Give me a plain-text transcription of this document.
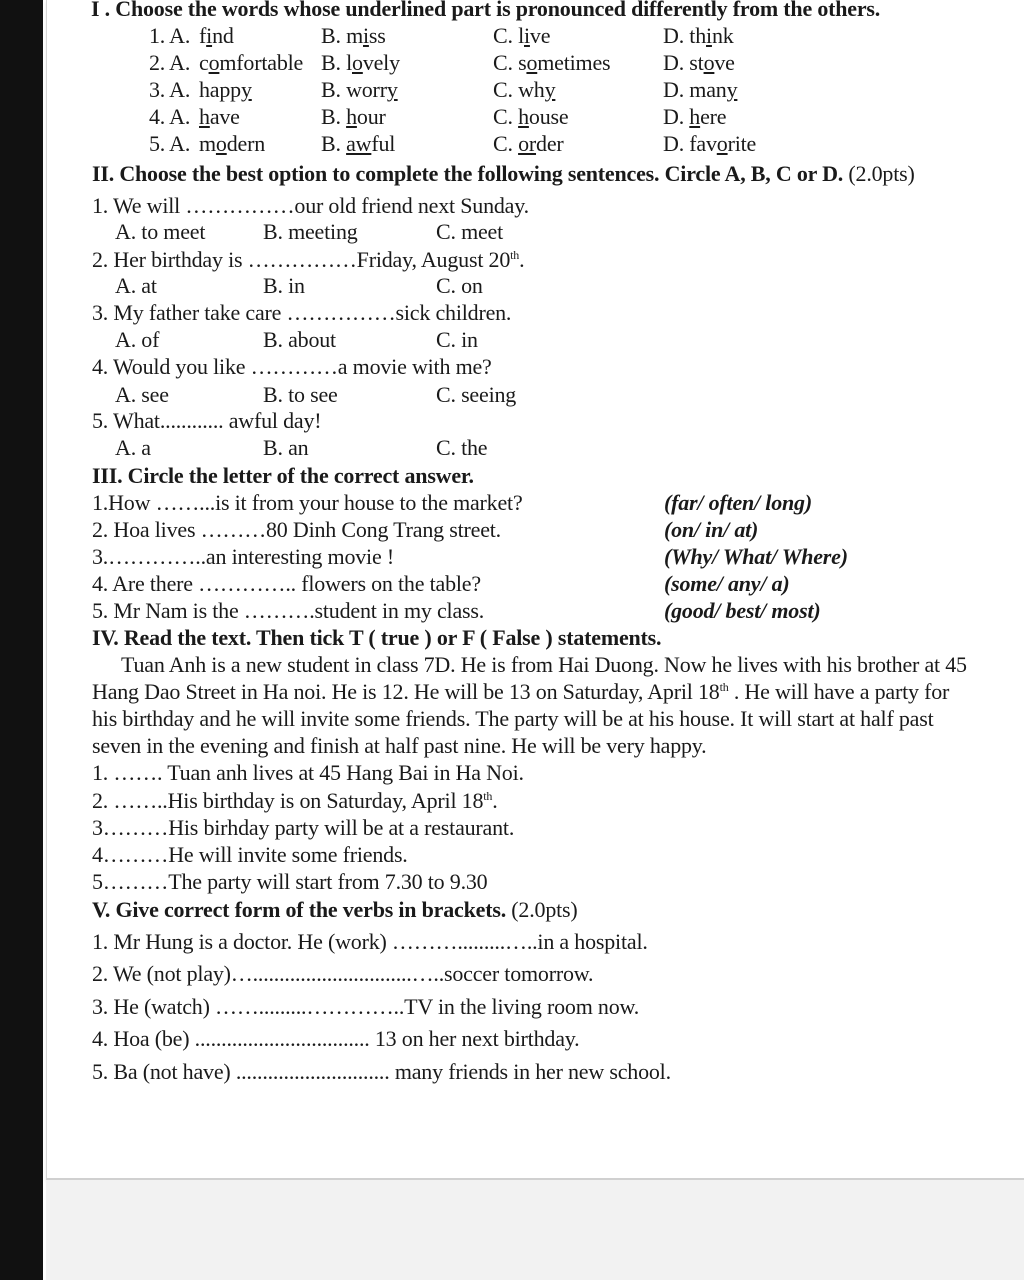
I . Choose the words whose underlined part is pronounced differently from the others.
1. A. find	B. miss	C. live	D. think
2. A. comfortable B. lovely	C. sometimes D. stove
3. A. happy	B. worry	C. why	D. many
4. A. have	B. hour	C. house	D. here
5. A. modern	B. awful	C. order	D. favorite
II. Choose the best option to complete the following sentences. Circle A, B, C or D. (2.0pts)
1. We will ……………our old friend next Sunday.
A. to meet	B. meeting	C. meet
2. Her birthday is ……………Friday, August 20th.
A. at	B. in	C. on
3. My father take care ……………sick children.
A. of	B. about	C. in
4. Would you like …………a movie with me?
A. see	B. to see	C. seeing
5. What............ awful day!
A. a	B. an	C. the
III. Circle the letter of the correct answer.
1.How ……...is it from your house to the market?	(far/ often/ long)
2. Hoa lives ………80 Dinh Cong Trang street.	(on/ in/ at)
3.…………..an interesting movie !	(Why/ What/ Where)
4. Are there ………….. flowers on the table?	(some/ any/ a)
5. Mr Nam is the ……….student in my class.	(good/ best/ most)
IV. Read the text. Then tick T ( true ) or F ( False ) statements.
Tuan Anh is a new student in class 7D. He is from Hai Duong. Now he lives with his brother at 45
Hang Dao Street in Ha noi. He is 12. He will be 13 on Saturday, April 18th . He will have a party for
his birthday and he will invite some friends. The party will be at his house. It will start at half past
seven in the evening and finish at half past nine. He will be very happy.
1. ……. Tuan anh lives at 45 Hang Bai in Ha Noi.
2. ……..His birthday is on Saturday, April 18th.
3………His birhday party will be at a restaurant.
4………He will invite some friends.
5………The party will start from 7.30 to 9.30
V. Give correct form of the verbs in brackets. (2.0pts)
1. Mr Hung is a doctor. He (work) ……….........…..in a hospital.
2. We (not play)…..............................…..soccer tomorrow.
3. He (watch) …….........…………..TV in the living room now.
4. Hoa (be) ................................. 13 on her next birthday.
5. Ba (not have) ............................. many friends in her new school.
